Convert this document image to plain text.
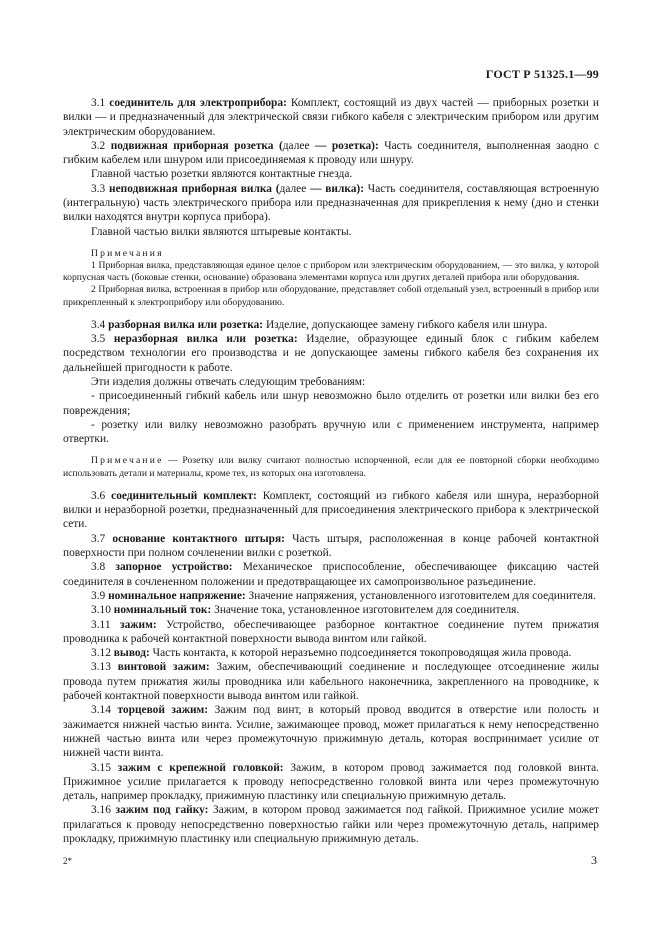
ГОСТ Р 51325.1—99

3.1 соединитель для электроприбора: Комплект, состоящий из двух частей — приборных розетки и вилки — и предназначенный для электрической связи гибкого кабеля с электрическим прибором или другим электрическим оборудованием.

3.2 подвижная приборная розетка (далее — розетка): Часть соединителя, выполненная заодно с гибким кабелем или шнуром или присоединяемая к проводу или шнуру.

Главной частью розетки являются контактные гнезда.

3.3 неподвижная приборная вилка (далее — вилка): Часть соединителя, составляющая встроенную (интегральную) часть электрического прибора или предназначенная для прикрепления к нему (дно и стенки вилки находятся внутри корпуса прибора).

Главной частью вилки являются штыревые контакты.

Примечания

1 Приборная вилка, представляющая единое целое с прибором или электрическим оборудованием, — это вилка, у которой корпусная часть (боковые стенки, основание) образована элементами корпуса или других деталей прибора или оборудования.

2 Приборная вилка, встроенная в прибор или оборудование, представляет собой отдельный узел, встроенный в прибор или прикрепленный к электроприбору или оборудованию.

3.4 разборная вилка или розетка: Изделие, допускающее замену гибкого кабеля или шнура.

3.5 неразборная вилка или розетка: Изделие, образующее единый блок с гибким кабелем посредством технологии его производства и не допускающее замены гибкого кабеля без сохранения их дальнейшей пригодности к работе.

Эти изделия должны отвечать следующим требованиям:

- присоединенный гибкий кабель или шнур невозможно было отделить от розетки или вилки без его повреждения;

- розетку или вилку невозможно разобрать вручную или с применением инструмента, например отвертки.

Примечание — Розетку или вилку считают полностью испорченной, если для ее повторной сборки необходимо использовать детали и материалы, кроме тех, из которых она изготовлена.

3.6 соединительный комплект: Комплект, состоящий из гибкого кабеля или шнура, неразборной вилки и неразборной розетки, предназначенный для присоединения электрического прибора к электрической сети.

3.7 основание контактного штыря: Часть штыря, расположенная в конце рабочей контактной поверхности при полном сочленении вилки с розеткой.

3.8 запорное устройство: Механическое приспособление, обеспечивающее фиксацию частей соединителя в сочлененном положении и предотвращающее их самопроизвольное разъединение.

3.9 номинальное напряжение: Значение напряжения, установленного изготовителем для соединителя.

3.10 номинальный ток: Значение тока, установленное изготовителем для соединителя.

3.11 зажим: Устройство, обеспечивающее разборное контактное соединение путем прижатия проводника к рабочей контактной поверхности вывода винтом или гайкой.

3.12 вывод: Часть контакта, к которой неразъемно подсоединяется токопроводящая жила провода.

3.13 винтовой зажим: Зажим, обеспечивающий соединение и последующее отсоединение жилы провода путем прижатия жилы проводника или кабельного наконечника, закрепленного на проводнике, к рабочей контактной поверхности вывода винтом или гайкой.

3.14 торцевой зажим: Зажим под винт, в который провод вводится в отверстие или полость и зажимается нижней частью винта. Усилие, зажимающее провод, может прилагаться к нему непосредственно нижней частью винта или через промежуточную прижимную деталь, которая воспринимает усилие от нижней части винта.

3.15 зажим с крепежной головкой: Зажим, в котором провод зажимается под головкой винта. Прижимное усилие прилагается к проводу непосредственно головкой винта или через промежуточную деталь, например прокладку, прижимную пластинку или специальную прижимную деталь.

3.16 зажим под гайку: Зажим, в котором провод зажимается под гайкой. Прижимное усилие может прилагаться к проводу непосредственно поверхностью гайки или через промежуточную деталь, например прокладку, прижимную пластинку или специальную прижимную деталь.

2*	3
